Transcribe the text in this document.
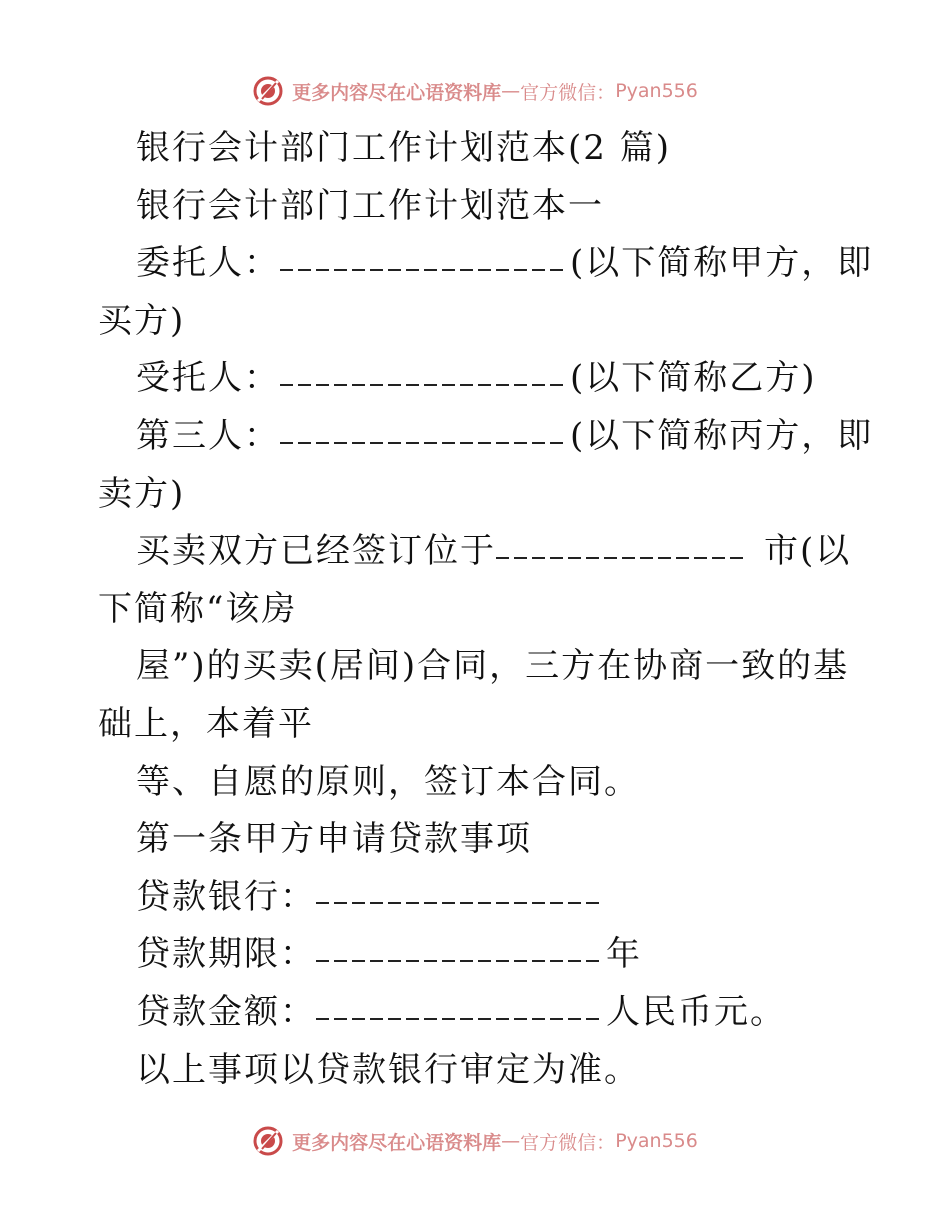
更多内容尽在心语资料库 — 官方微信： Pyan556
银行会计部门工作计划范本(2 篇)
银行会计部门工作计划范本一
委托人：	(以下简称甲方，即
买方)
受托人：	(以下简称乙方)
第三人：	(以下简称丙方，即
卖方)
买卖双方已经签订位于	市(以
下简称“该房
屋”)的买卖(居间)合同，三方在协商一致的基
础上，本着平
等、自愿的原则，签订本合同。
第一条甲方申请贷款事项
贷款银行：
贷款期限：	年
贷款金额：	人民币元。
以上事项以贷款银行审定为准。
更多内容尽在心语资料库 — 官方微信： Pyan556
